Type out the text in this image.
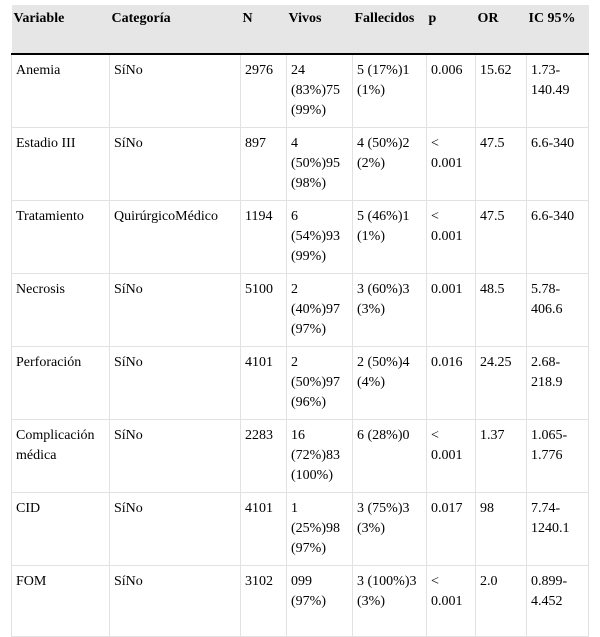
Variable	Categoría	N	Vivos	Fallecidos	p	OR	IC 95%

Anemia	SíNo	2976	24 (83%)75 (99%)	5 (17%)1 (1%)	0.006	15.62	1.73-140.49
Estadio III	SíNo	897	4 (50%)95 (98%)	4 (50%)2 (2%)	< 0.001	47.5	6.6-340
Tratamiento	QuirúrgicoMédico	1194	6 (54%)93 (99%)	5 (46%)1 (1%)	< 0.001	47.5	6.6-340
Necrosis	SíNo	5100	2 (40%)97 (97%)	3 (60%)3 (3%)	0.001	48.5	5.78-406.6
Perforación	SíNo	4101	2 (50%)97 (96%)	2 (50%)4 (4%)	0.016	24.25	2.68-218.9
Complicación médica	SíNo	2283	16 (72%)83 (100%)	6 (28%)0	< 0.001	1.37	1.065-1.776
CID	SíNo	4101	1 (25%)98 (97%)	3 (75%)3 (3%)	0.017	98	7.74-1240.1
FOM	SíNo	3102	099 (97%)	3 (100%)3 (3%)	< 0.001	2.0	0.899-4.452
